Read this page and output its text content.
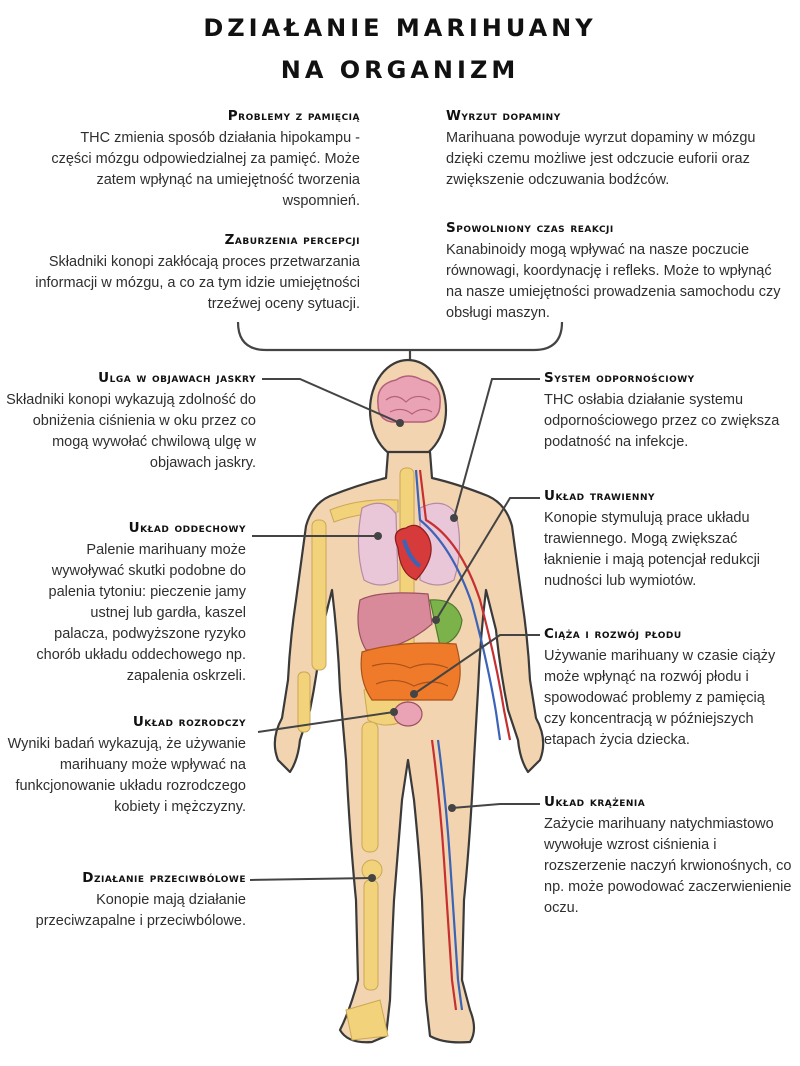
DZIAŁANIE MARIHUANY
NA ORGANIZM
Problemy z pamięcią

THC zmienia sposób działania hipokampu - części mózgu odpowiedzialnej za pamięć. Może zatem wpłynąć na umiejętność tworzenia wspomnień.

Zaburzenia percepcji

Składniki konopi zakłócają proces przetwarzania informacji w mózgu, a co za tym idzie umiejętności trzeźwej oceny sytuacji.

Wyrzut dopaminy

Marihuana powoduje wyrzut dopaminy w mózgu dzięki czemu możliwe jest odczucie euforii oraz zwiększenie odczuwania bodźców.

Spowolniony czas reakcji

Kanabinoidy mogą wpływać na nasze poczucie równowagi, koordynację i refleks. Może to wpłynąć na nasze umiejętności prowadzenia samochodu czy obsługi maszyn.

Ulga w objawach jaskry

Składniki konopi wykazują zdolność do obniżenia ciśnienia w oku przez co mogą wywołać chwilową ulgę w objawach jaskry.

Układ oddechowy

Palenie marihuany może wywoływać skutki podobne do palenia tytoniu: pieczenie jamy ustnej lub gardła, kaszel palacza, podwyższone ryzyko chorób układu oddechowego np. zapalenia oskrzeli.

Układ rozrodczy

Wyniki badań wykazują, że używanie marihuany może wpływać na funkcjonowanie układu rozrodczego kobiety i mężczyzny.

Działanie przeciwbólowe

Konopie mają działanie przeciwzapalne i przeciwbólowe.

System odpornościowy

THC osłabia działanie systemu odpornościowego przez co zwiększa podatność na infekcje.

Układ trawienny

Konopie stymulują prace układu trawiennego. Mogą zwiększać łaknienie i mają potencjał redukcji nudności lub wymiotów.

Ciąża i rozwój płodu

Używanie marihuany w czasie ciąży może wpłynąć na rozwój płodu i spowodować problemy z pamięcią czy koncentracją w późniejszych etapach życia dziecka.

Układ krążenia

Zażycie marihuany natychmiastowo wywołuje wzrost ciśnienia i rozszerzenie naczyń krwionośnych, co np. może powodować zaczerwienienie oczu.
